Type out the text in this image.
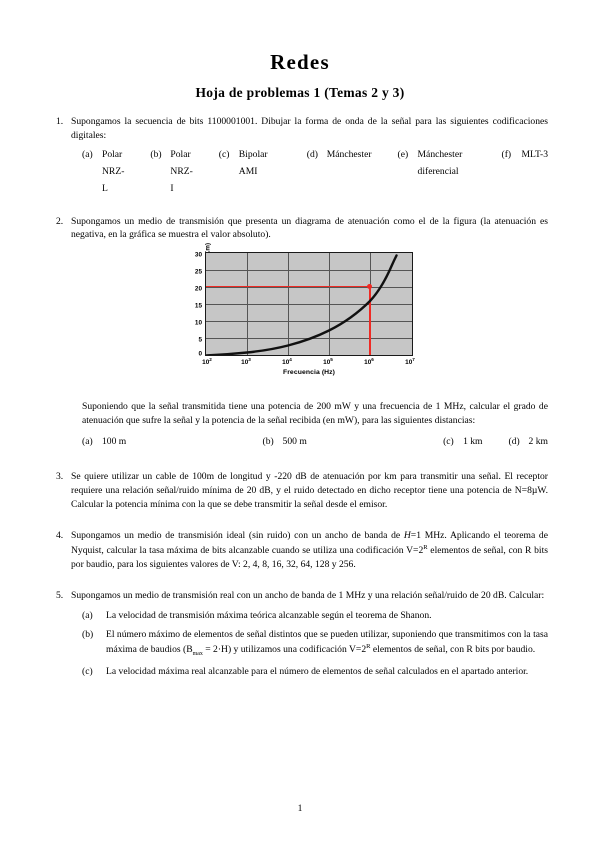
Redes
Hoja de problemas 1 (Temas 2 y 3)
1. Supongamos la secuencia de bits 1100001001. Dibujar la forma de onda de la señal para las siguientes codificaciones digitales:
(a) Polar NRZ-L
(b) Polar NRZ-I
(c) Bipolar AMI
(d) Mánchester	(e) Mánchester diferencial
(f)	MLT-3
2. Supongamos un medio de transmisión que presenta un diagrama de atenuación como el de la figura (la atenuación es negativa, en la gráfica se muestra el valor absoluto).
30
25
20
15
10
5
0
$10^2$	$10^3$	$10^4$	$10^5$	$10^6$	$10^7$
Frecuencia (Hz)
Suponiendo que la señal transmitida tiene una potencia de 200 mW y una frecuencia de 1 MHz, calcular el grado de atenuación que sufre la señal y la potencia de la señal recibida (en mW), para las siguientes distancias:
(a) 100 m	(b) 500 m	(c) 1 km	(d) 2 km
3. Se quiere utilizar un cable de 100m de longitud y -220 dB de atenuación por km para transmitir una señal. El receptor requiere una relación señal/ruido mínima de 20 dB, y el ruido detectado en dicho receptor tiene una potencia de N=8µW. Calcular la potencia mínima con la que se debe transmitir la señal desde el emisor.
4. Supongamos un medio de transmisión ideal (sin ruido) con un ancho de banda de H=1 MHz. Aplicando el teorema de Nyquist, calcular la tasa máxima de bits alcanzable cuando se utiliza una codificación $V=2^R$ elementos de señal, con R bits por baudio, para los siguientes valores de V: 2, 4, 8, 16, 32, 64, 128 y 256.
5. Supongamos un medio de transmisión real con un ancho de banda de 1 MHz y una relación señal/ruido de 20 dB. Calcular:
(a)	La velocidad de transmisión máxima teórica alcanzable según el teorema de Shanon.
(b)	El número máximo de elementos de señal distintos que se pueden utilizar, suponiendo que transmitimos con la tasa máxima de baudios $(B_{max} = 2\cdot H)$ y utilizamos una codificación $V=2^R$ elementos de señal, con R bits por baudio.
(c)	La velocidad máxima real alcanzable para el número de elementos de señal calculados en el apartado anterior.
1
